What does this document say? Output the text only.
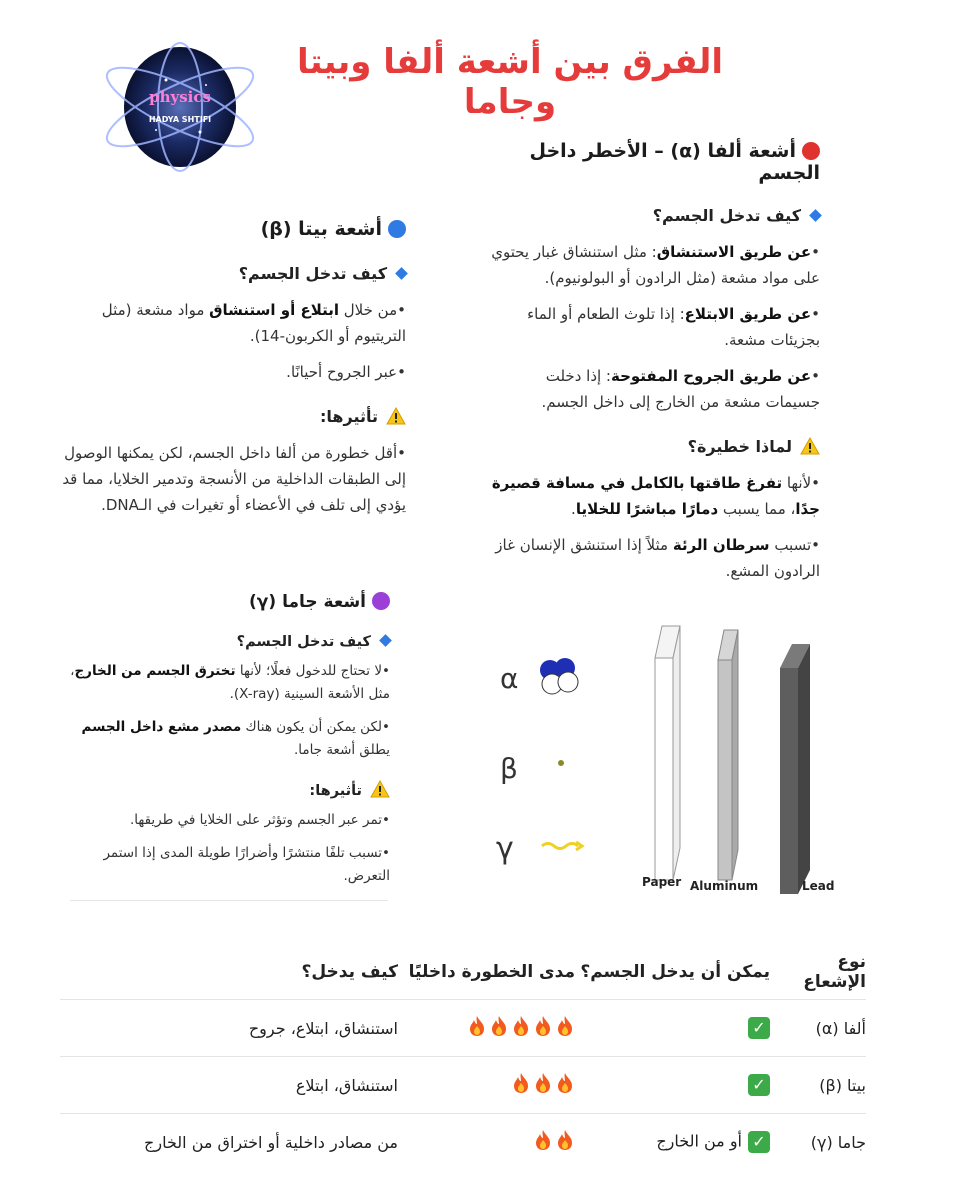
physics
HADYA SHTIFI
الفرق بين أشعة ألفا وبيتا وجاما
أشعة ألفا (α) – الأخطر داخل الجسم
كيف تدخل الجسم؟
•عن طريق الاستنشاق: مثل استنشاق غبار يحتوي على مواد مشعة (مثل الرادون أو البولونيوم).
•عن طريق الابتلاع: إذا تلوث الطعام أو الماء بجزيئات مشعة.
•عن طريق الجروح المفتوحة: إذا دخلت جسيمات مشعة من الخارج إلى داخل الجسم.
لماذا خطيرة؟
•لأنها تفرغ طاقتها بالكامل في مسافة قصيرة جدًا، مما يسبب دمارًا مباشرًا للخلايا.
•تسبب سرطان الرئة مثلاً إذا استنشق الإنسان غاز الرادون المشع.
أشعة بيتا (β)
كيف تدخل الجسم؟
•من خلال ابتلاع أو استنشاق مواد مشعة (مثل التريتيوم أو الكربون-14).
•عبر الجروح أحيانًا.
تأثيرها:
•أقل خطورة من ألفا داخل الجسم، لكن يمكنها الوصول إلى الطبقات الداخلية من الأنسجة وتدمير الخلايا، مما قد يؤدي إلى تلف في الأعضاء أو تغيرات في الـDNA.
أشعة جاما (γ)
كيف تدخل الجسم؟
•لا تحتاج للدخول فعلًا؛ لأنها تخترق الجسم من الخارج، مثل الأشعة السينية (X-ray).
•لكن يمكن أن يكون هناك مصدر مشع داخل الجسم يطلق أشعة جاما.
تأثيرها:
•تمر عبر الجسم وتؤثر على الخلايا في طريقها.
•تسبب تلفًا منتشرًا وأضرارًا طويلة المدى إذا استمر التعرض.
α
β
γ
Paper Aluminum	Lead
نوع الإشعاع
يمكن أن يدخل الجسم؟
مدى الخطورة داخليًا
كيف يدخل؟
ألفا (α)
✓
استنشاق، ابتلاع، جروح
بيتا (β)
✓
استنشاق، ابتلاع
جاما (γ)
✓أو من الخارج
من مصادر داخلية أو اختراق من الخارج
